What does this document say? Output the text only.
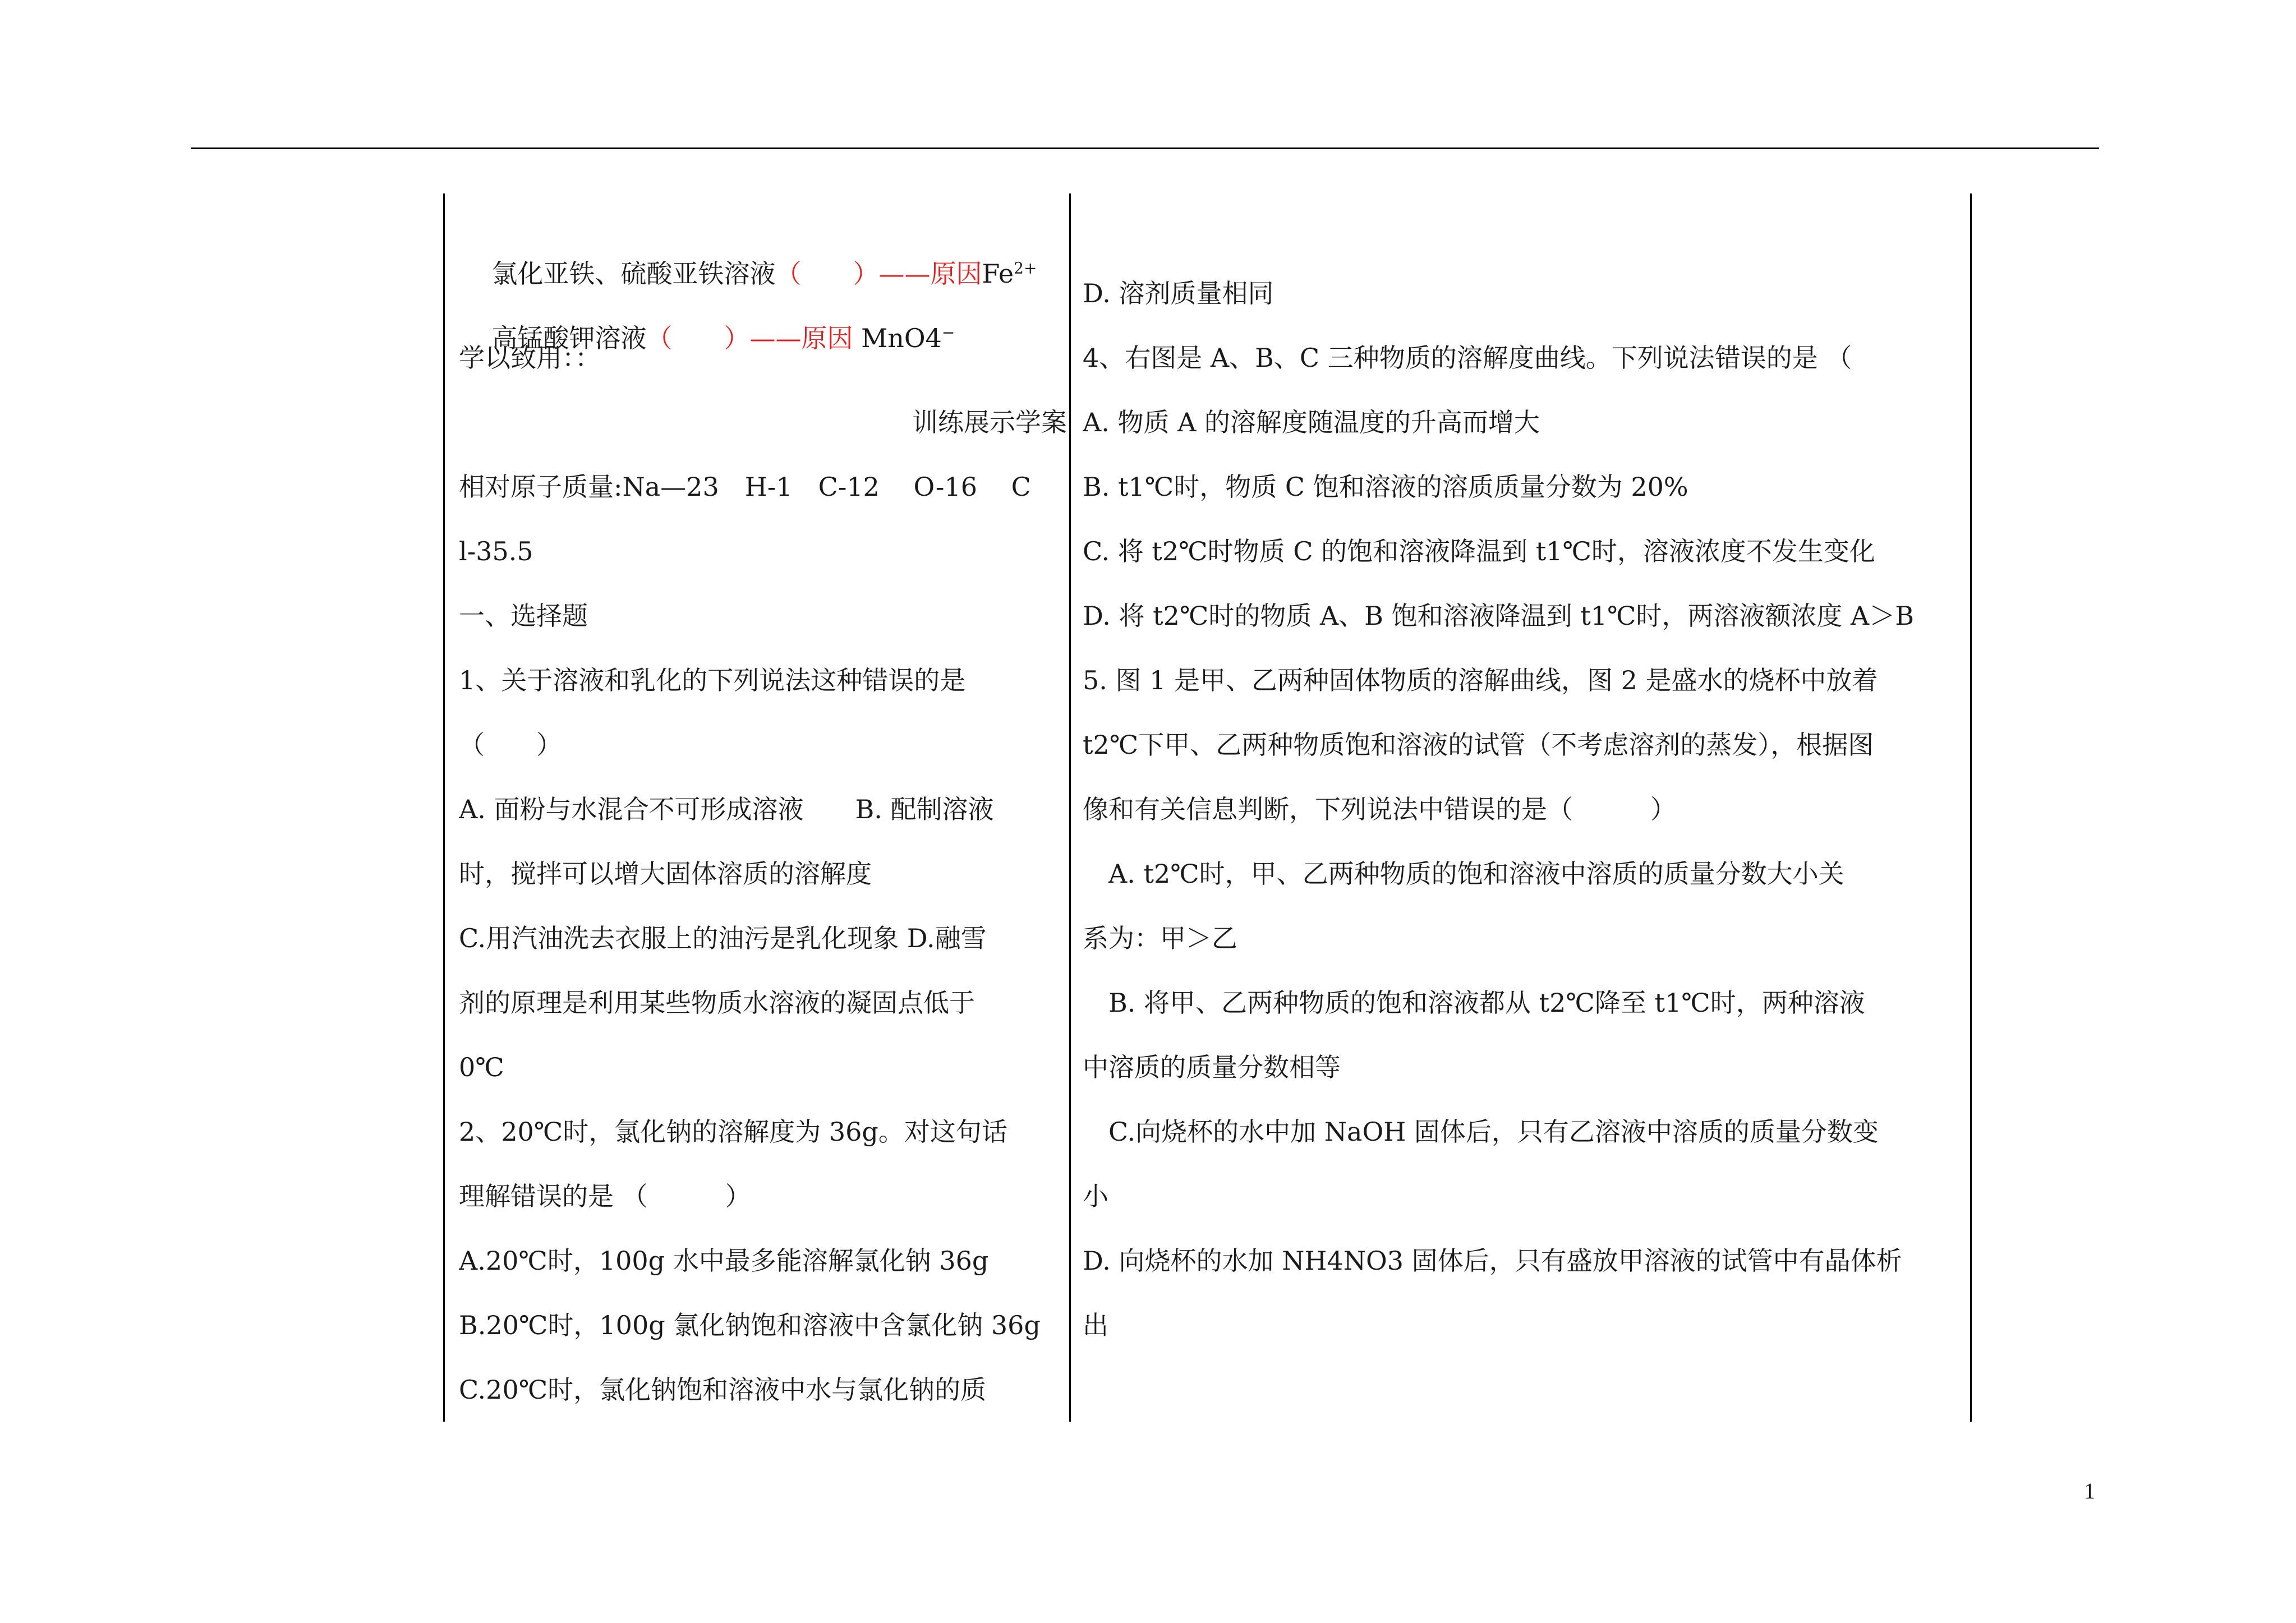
氯化亚铁、硫酸亚铁溶液（　　）——原因$Fe^{2+}$

高锰酸钾溶液（　　）——原因 MnO4−

学以致用：：
训练展示学案
相对原子质量:Na—23　H-1　C-12　 O-16　 C
l-35.5
一、选择题
1、关于溶液和乳化的下列说法这种错误的是
（　　）
A. 面粉与水混合不可形成溶液　　B. 配制溶液
时，搅拌可以增大固体溶质的溶解度
C.用汽油洗去衣服上的油污是乳化现象 D.融雪
剂的原理是利用某些物质水溶液的凝固点低于
0℃
2、20℃时，氯化钠的溶解度为 36g。对这句话
理解错误的是 （　　　）
A.20℃时，100g 水中最多能溶解氯化钠 36g
B.20℃时，100g 氯化钠饱和溶液中含氯化钠 36g
C.20℃时，氯化钠饱和溶液中水与氯化钠的质
D. 溶剂质量相同
4、右图是 A、B、C 三种物质的溶解度曲线。下列说法错误的是 （
A. 物质 A 的溶解度随温度的升高而增大
B. t1℃时，物质 C 饱和溶液的溶质质量分数为 20%
C. 将 t2℃时物质 C 的饱和溶液降温到 t1℃时，溶液浓度不发生变化
D. 将 t2℃时的物质 A、B 饱和溶液降温到 t1℃时，两溶液额浓度 A＞B
5. 图 1 是甲、乙两种固体物质的溶解曲线，图 2 是盛水的烧杯中放着
t2℃下甲、乙两种物质饱和溶液的试管（不考虑溶剂的蒸发），根据图
像和有关信息判断，下列说法中错误的是（　　　）
　A. t2℃时，甲、乙两种物质的饱和溶液中溶质的质量分数大小关
系为：甲＞乙
　B. 将甲、乙两种物质的饱和溶液都从 t2℃降至 t1℃时，两种溶液
中溶质的质量分数相等
　C.向烧杯的水中加 NaOH 固体后，只有乙溶液中溶质的质量分数变
小
D. 向烧杯的水加 NH4NO3 固体后，只有盛放甲溶液的试管中有晶体析
出
1
